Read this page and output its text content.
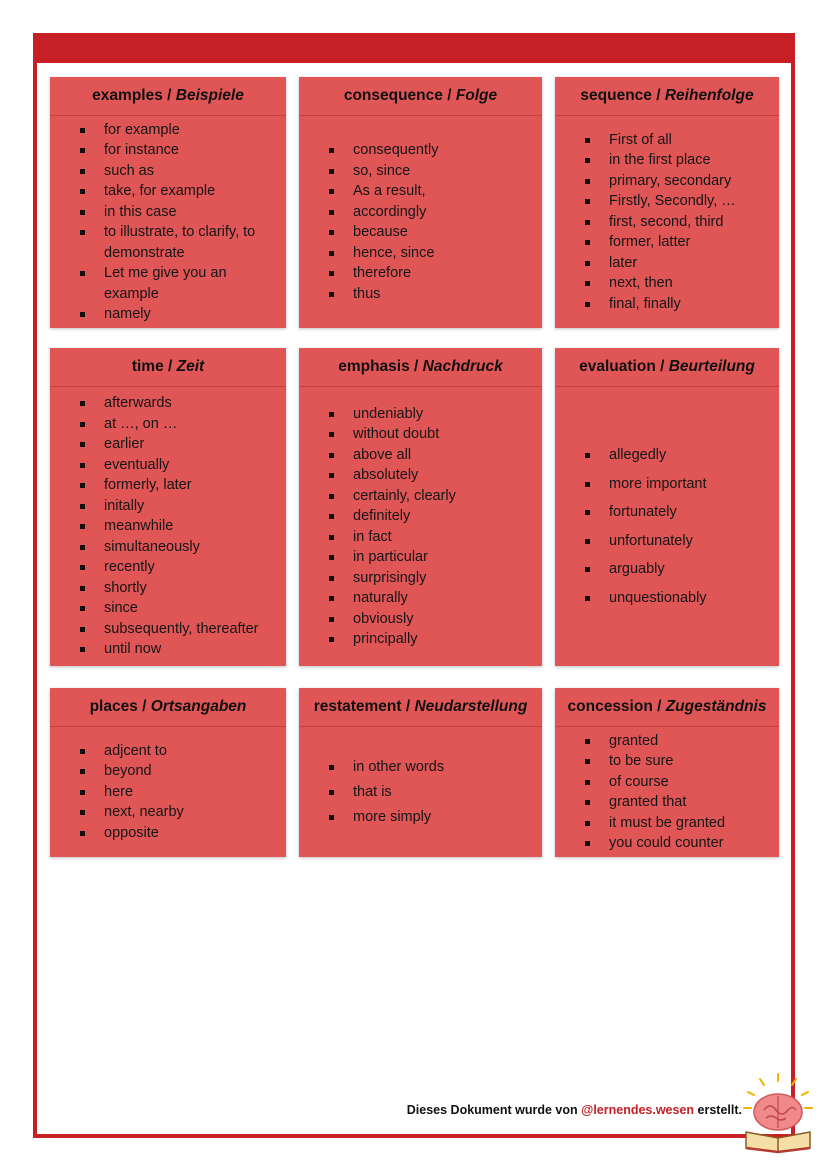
examples / Beispiele
for example
for instance
such as
take, for example
in this case
to illustrate, to clarify, to demonstrate
Let me give you an example
namely
consequence / Folge
consequently
so, since
As a result,
accordingly
because
hence, since
therefore
thus
sequence / Reihenfolge
First of all
in the first place
primary, secondary
Firstly, Secondly, …
first, second, third
former, latter
later
next, then
final, finally
time / Zeit
afterwards
at …, on …
earlier
eventually
formerly, later
initally
meanwhile
simultaneously
recently
shortly
since
subsequently, thereafter
until now
emphasis / Nachdruck
undeniably
without doubt
above all
absolutely
certainly, clearly
definitely
in fact
in particular
surprisingly
naturally
obviously
principally
evaluation / Beurteilung
allegedly
more important
fortunately
unfortunately
arguably
unquestionably
places / Ortsangaben
adjcent to
beyond
here
next, nearby
opposite
restatement / Neudarstellung
in other words
that is
more simply
concession / Zugeständnis
granted
to be sure
of course
granted that
it must be granted
you could counter
Dieses Dokument wurde von @lernendes.wesen erstellt.
